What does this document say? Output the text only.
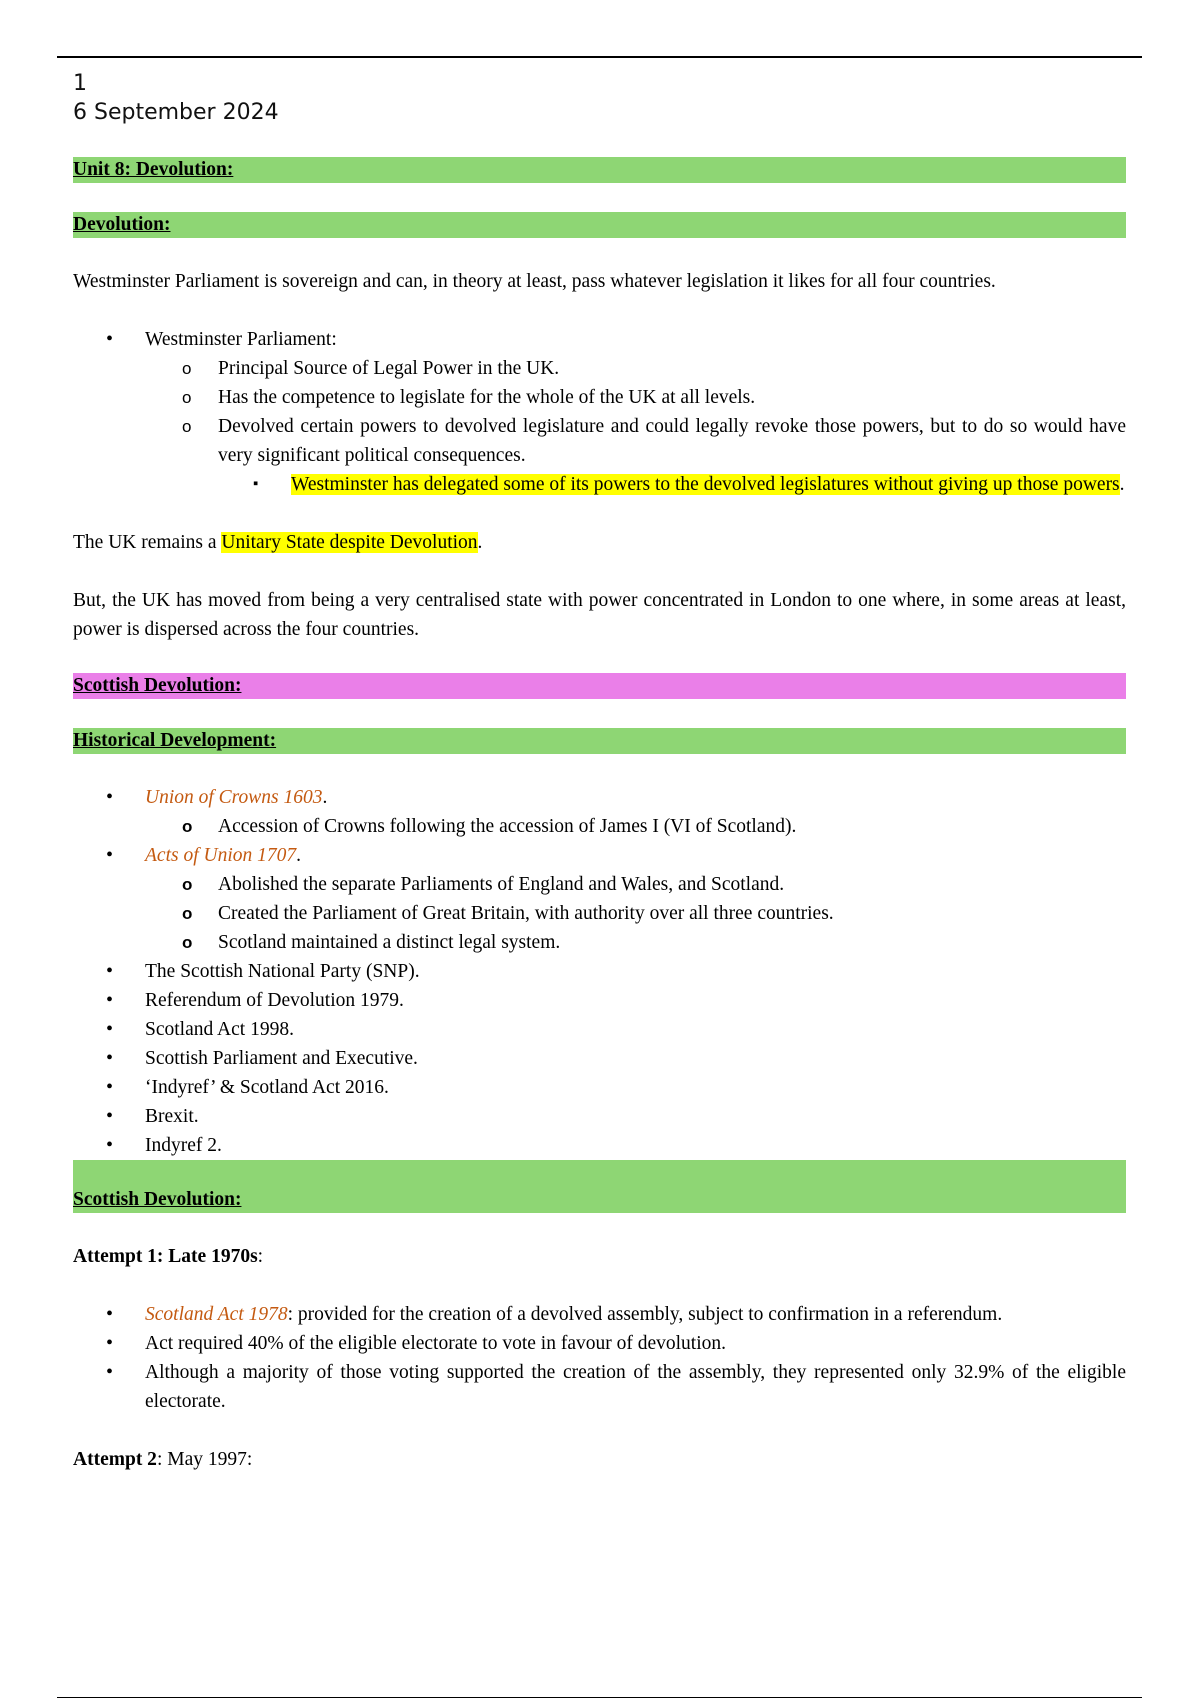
1
6 September 2024
Unit 8: Devolution:
Devolution:

Westminster Parliament is sovereign and can, in theory at least, pass whatever legislation it likes for all four countries.

• Westminster Parliament:
o Principal Source of Legal Power in the UK.
o Has the competence to legislate for the whole of the UK at all levels.
o Devolved certain powers to devolved legislature and could legally revoke those powers, but to do so would have very significant political consequences.
▪ Westminster has delegated some of its powers to the devolved legislatures without giving up those powers.

The UK remains a Unitary State despite Devolution.

But, the UK has moved from being a very centralised state with power concentrated in London to one where, in some areas at least, power is dispersed across the four countries.

Scottish Devolution:
Historical Development:
• Union of Crowns 1603.
o Accession of Crowns following the accession of James I (VI of Scotland).
• Acts of Union 1707.
o Abolished the separate Parliaments of England and Wales, and Scotland.
o Created the Parliament of Great Britain, with authority over all three countries.
o Scotland maintained a distinct legal system.
• The Scottish National Party (SNP).
• Referendum of Devolution 1979.
• Scotland Act 1998.
• Scottish Parliament and Executive.
• ‘Indyref’ & Scotland Act 2016.
• Brexit.
• Indyref 2.
Scottish Devolution:

Attempt 1: Late 1970s:

• Scotland Act 1978: provided for the creation of a devolved assembly, subject to confirmation in a referendum.
• Act required 40% of the eligible electorate to vote in favour of devolution.
• Although a majority of those voting supported the creation of the assembly, they represented only 32.9% of the eligible electorate.

Attempt 2: May 1997:
